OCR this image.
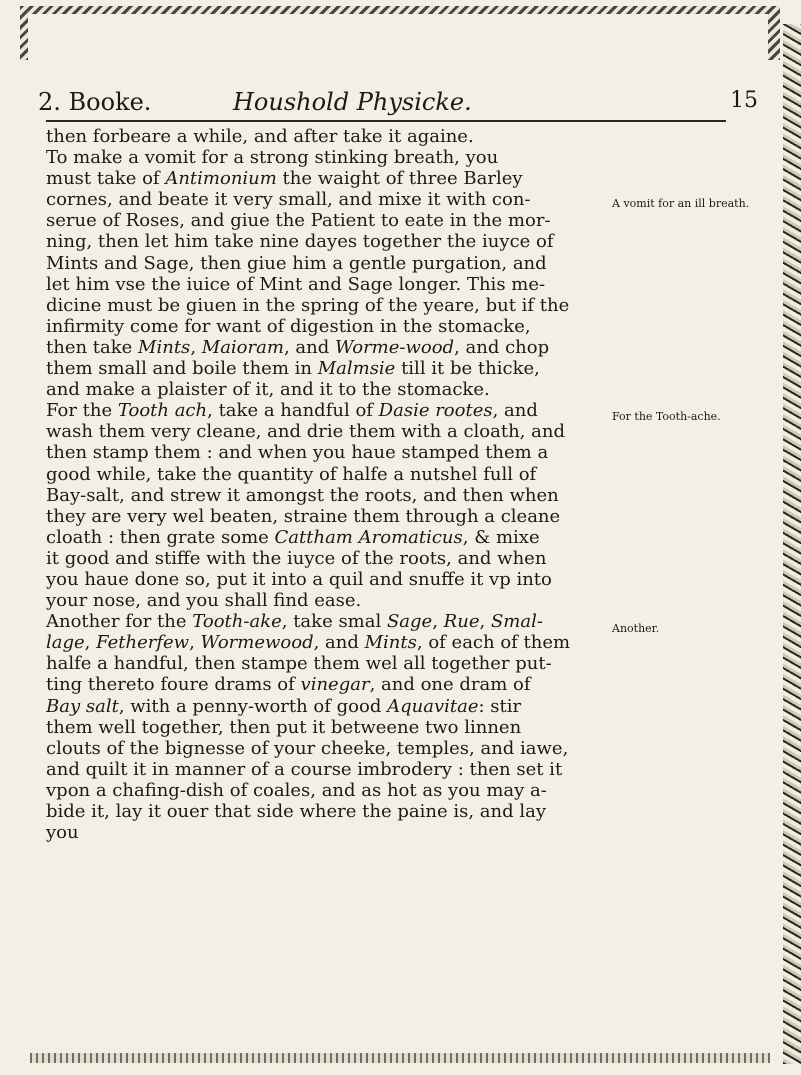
2. Booke.	Houshold Physicke.	15
then forbeare a while, and after take it againe.
To make a vomit for a strong stinking breath, you
must take of Antimonium the waight of three Barley
cornes, and beate it very small, and mixe it with con-
serue of Roses, and giue the Patient to eate in the mor-
ning, then let him take nine dayes together the iuyce of
Mints and Sage, then giue him a gentle purgation, and
let him vse the iuice of Mint and Sage longer. This me-
dicine must be giuen in the spring of the yeare, but if the
infirmity come for want of digestion in the stomacke,
then take Mints, Maioram, and Worme-wood, and chop
them small and boile them in Malmsie till it be thicke,
and make a plaister of it, and it to the stomacke.
For the Tooth ach, take a handful of Dasie rootes, and
wash them very cleane, and drie them with a cloath, and
then stamp them : and when you haue stamped them a
good while, take the quantity of halfe a nutshel full of
Bay-salt, and strew it amongst the roots, and then when
they are very wel beaten, straine them through a cleane
cloath : then grate some Cattham Aromaticus, & mixe
it good and stiffe with the iuyce of the roots, and when
you haue done so, put it into a quil and snuffe it vp into
your nose, and you shall find ease.
Another for the Tooth-ake, take smal Sage, Rue, Smal-
lage, Fetherfew, Wormewood, and Mints, of each of them
halfe a handful, then stampe them wel all together put-
ting thereto foure drams of vinegar, and one dram of
Bay salt, with a penny-worth of good Aquavitae: stir
them well together, then put it betweene two linnen
clouts of the bignesse of your cheeke, temples, and iawe,
and quilt it in manner of a course imbrodery : then set it
vpon a chafing-dish of coales, and as hot as you may a-
bide it, lay it ouer that side where the paine is, and lay
you
A vomit for an ill breath.
For the Tooth-ache.
Another.
